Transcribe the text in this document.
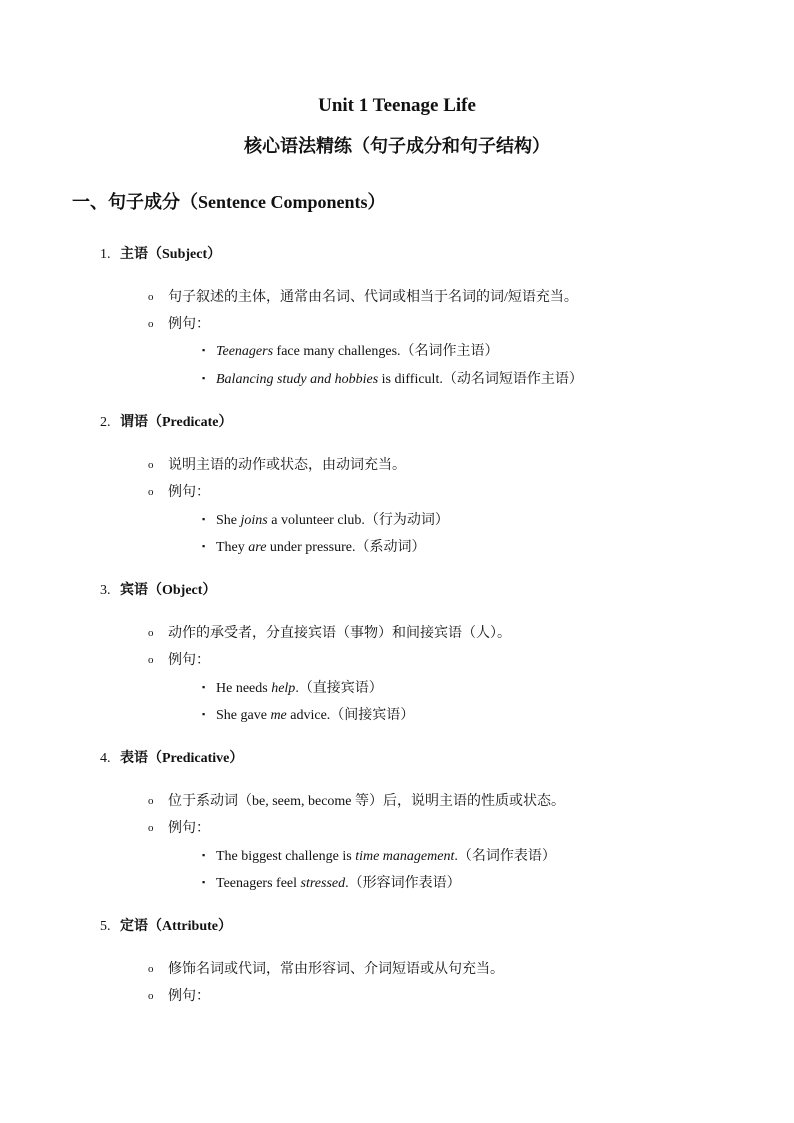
Unit 1 Teenage Life
核心语法精练（句子成分和句子结构）
一、句子成分（Sentence Components）
1. 主语（Subject）
o 句子叙述的主体，通常由名词、代词或相当于名词的词/短语充当。
o 例句：
▪ Teenagers face many challenges.（名词作主语）
▪ Balancing study and hobbies is difficult.（动名词短语作主语）
2. 谓语（Predicate）
o 说明主语的动作或状态，由动词充当。
o 例句：
▪ She joins a volunteer club.（行为动词）
▪ They are under pressure.（系动词）
3. 宾语（Object）
o 动作的承受者，分直接宾语（事物）和间接宾语（人）。
o 例句：
▪ He needs help.（直接宾语）
▪ She gave me advice.（间接宾语）
4. 表语（Predicative）
o 位于系动词（be, seem, become 等）后，说明主语的性质或状态。
o 例句：
▪ The biggest challenge is time management.（名词作表语）
▪ Teenagers feel stressed.（形容词作表语）
5. 定语（Attribute）
o 修饰名词或代词，常由形容词、介词短语或从句充当。
o 例句：
